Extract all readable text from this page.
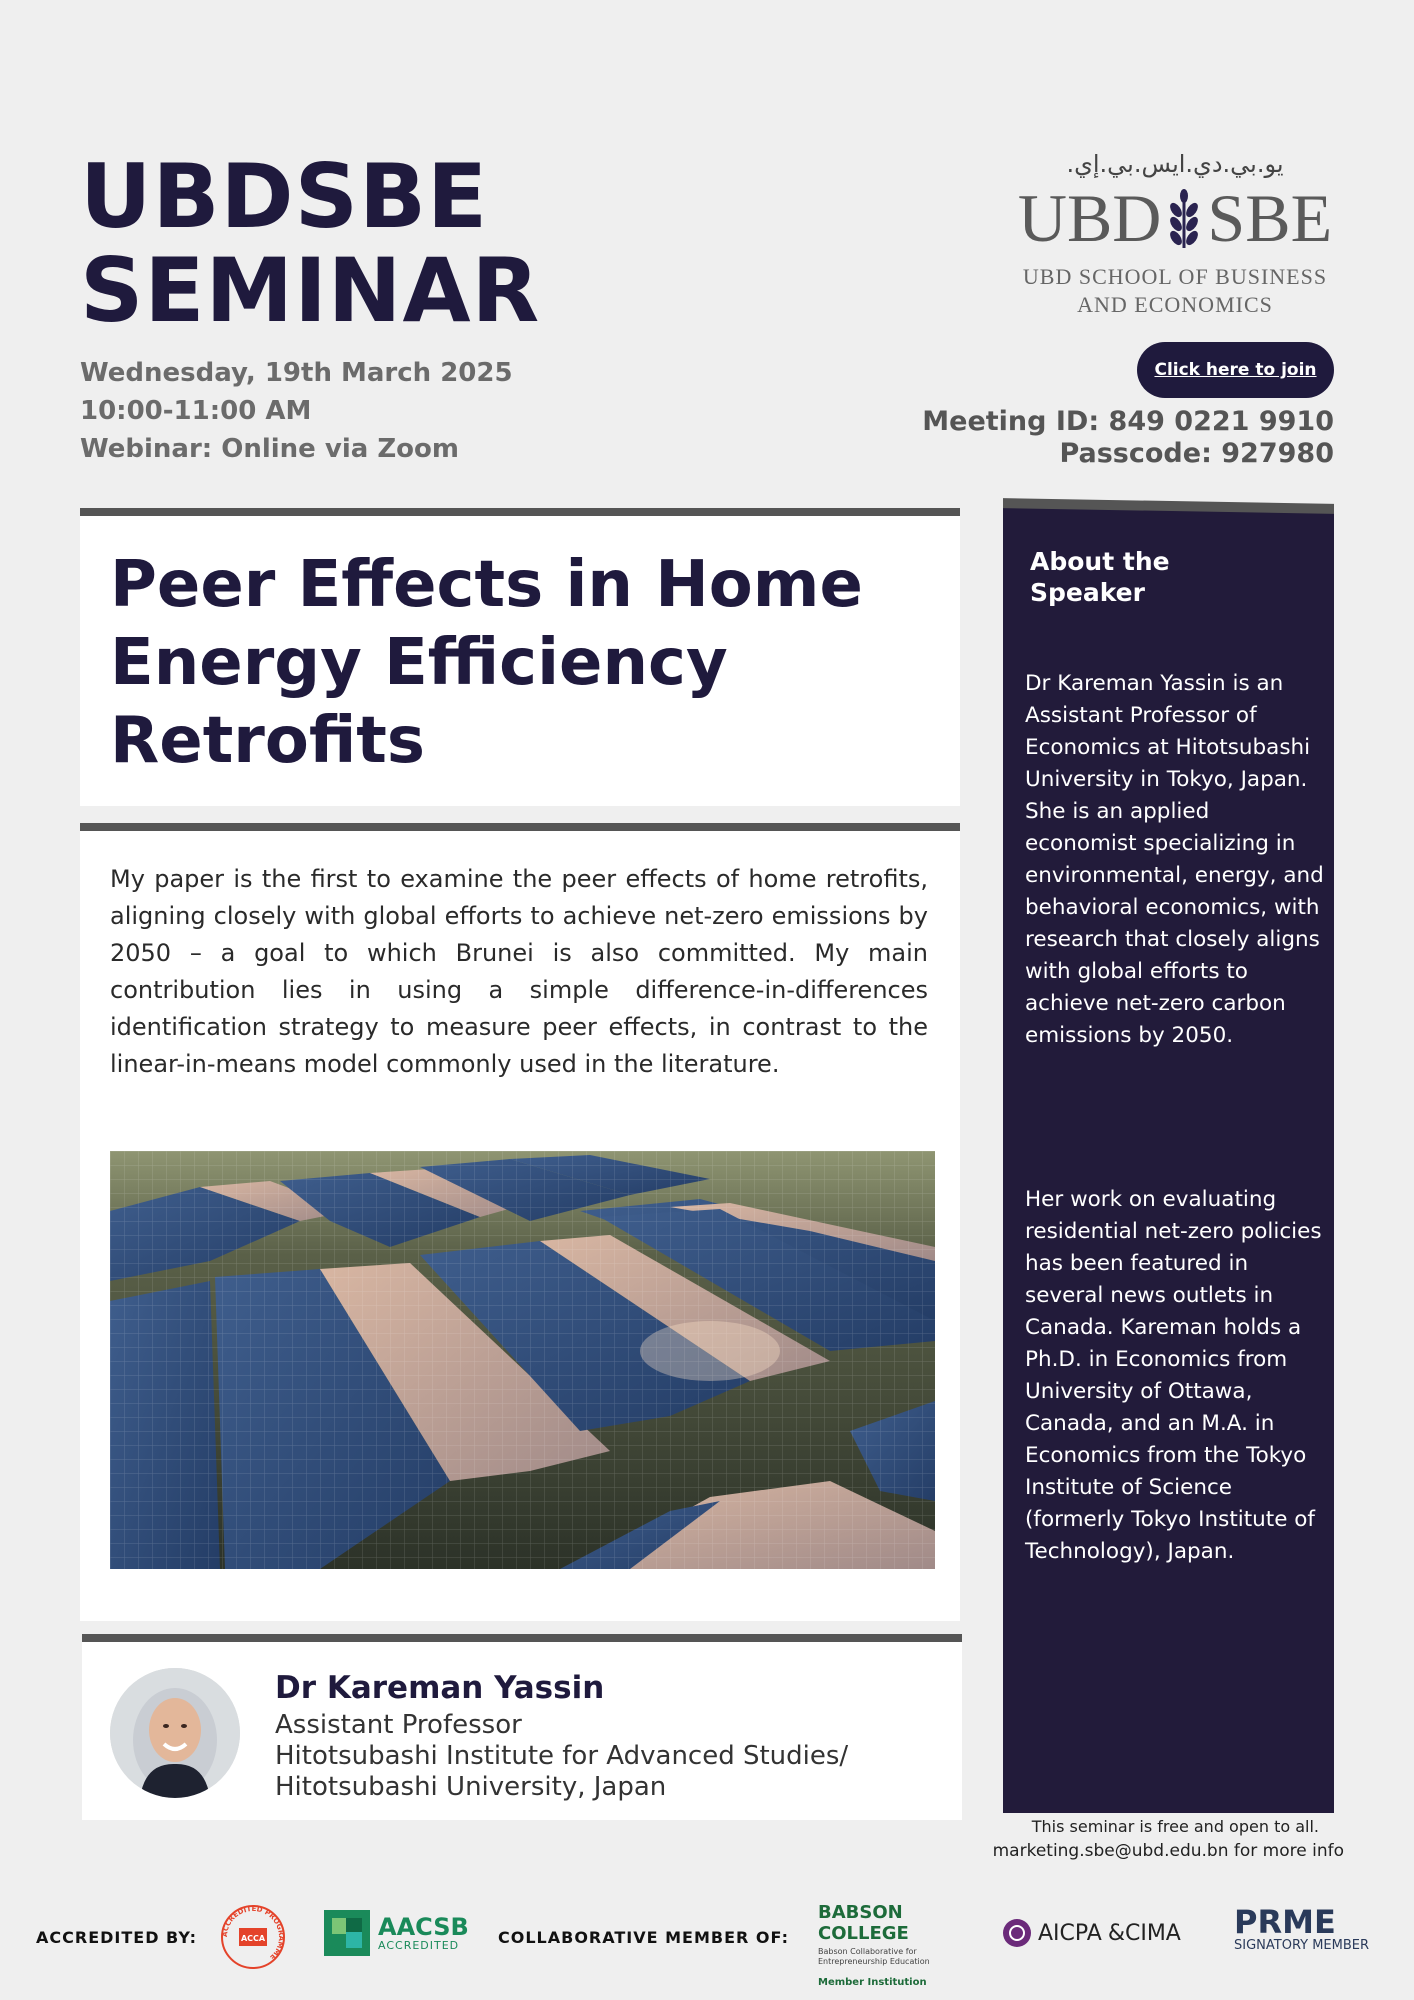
UBDSBE
SEMINAR
Wednesday, 19th March 2025
10:00-11:00 AM
Webinar: Online via Zoom
يو.بي.دي.ايس.بي.إي.
UBD SBE
UBD SCHOOL OF BUSINESS
AND ECONOMICS
Click here to join
Meeting ID: 849 0221 9910
Passcode: 927980
Peer Effects in Home
Energy Efficiency
Retrofits

My paper is the first to examine the peer effects of home retrofits, aligning closely with global efforts to achieve net-zero emissions by 2050 – a goal to which Brunei is also committed. My main contribution lies in using a simple difference-in-differences identification strategy to measure peer effects, in contrast to the linear-in-means model commonly used in the literature.

Dr Kareman Yassin
Assistant Professor
Hitotsubashi Institute for Advanced Studies/
Hitotsubashi University, Japan
About the
Speaker

Dr Kareman Yassin is an Assistant Professor of Economics at Hitotsubashi University in Tokyo, Japan. She is an applied economist specializing in environmental, energy, and behavioral economics, with research that closely aligns with global efforts to achieve net-zero carbon emissions by 2050.

Her work on evaluating residential net-zero policies has been featured in several news outlets in Canada. Kareman holds a Ph.D. in Economics from University of Ottawa, Canada, and an M.A. in Economics from the Tokyo Institute of Science (formerly Tokyo Institute of Technology), Japan.

This seminar is free and open to all.
marketing.sbe@ubd.edu.bn for more info
ACCREDITED BY:	ACCREDITED PROGRAMME
ACCA	AACSB
ACCREDITED	COLLABORATIVE MEMBER OF:
BABSON COLLEGE
Babson Collaborative for
Entrepreneurship Education
Member Institution
AICPA &CIMA PRME
SIGNATORY MEMBER
